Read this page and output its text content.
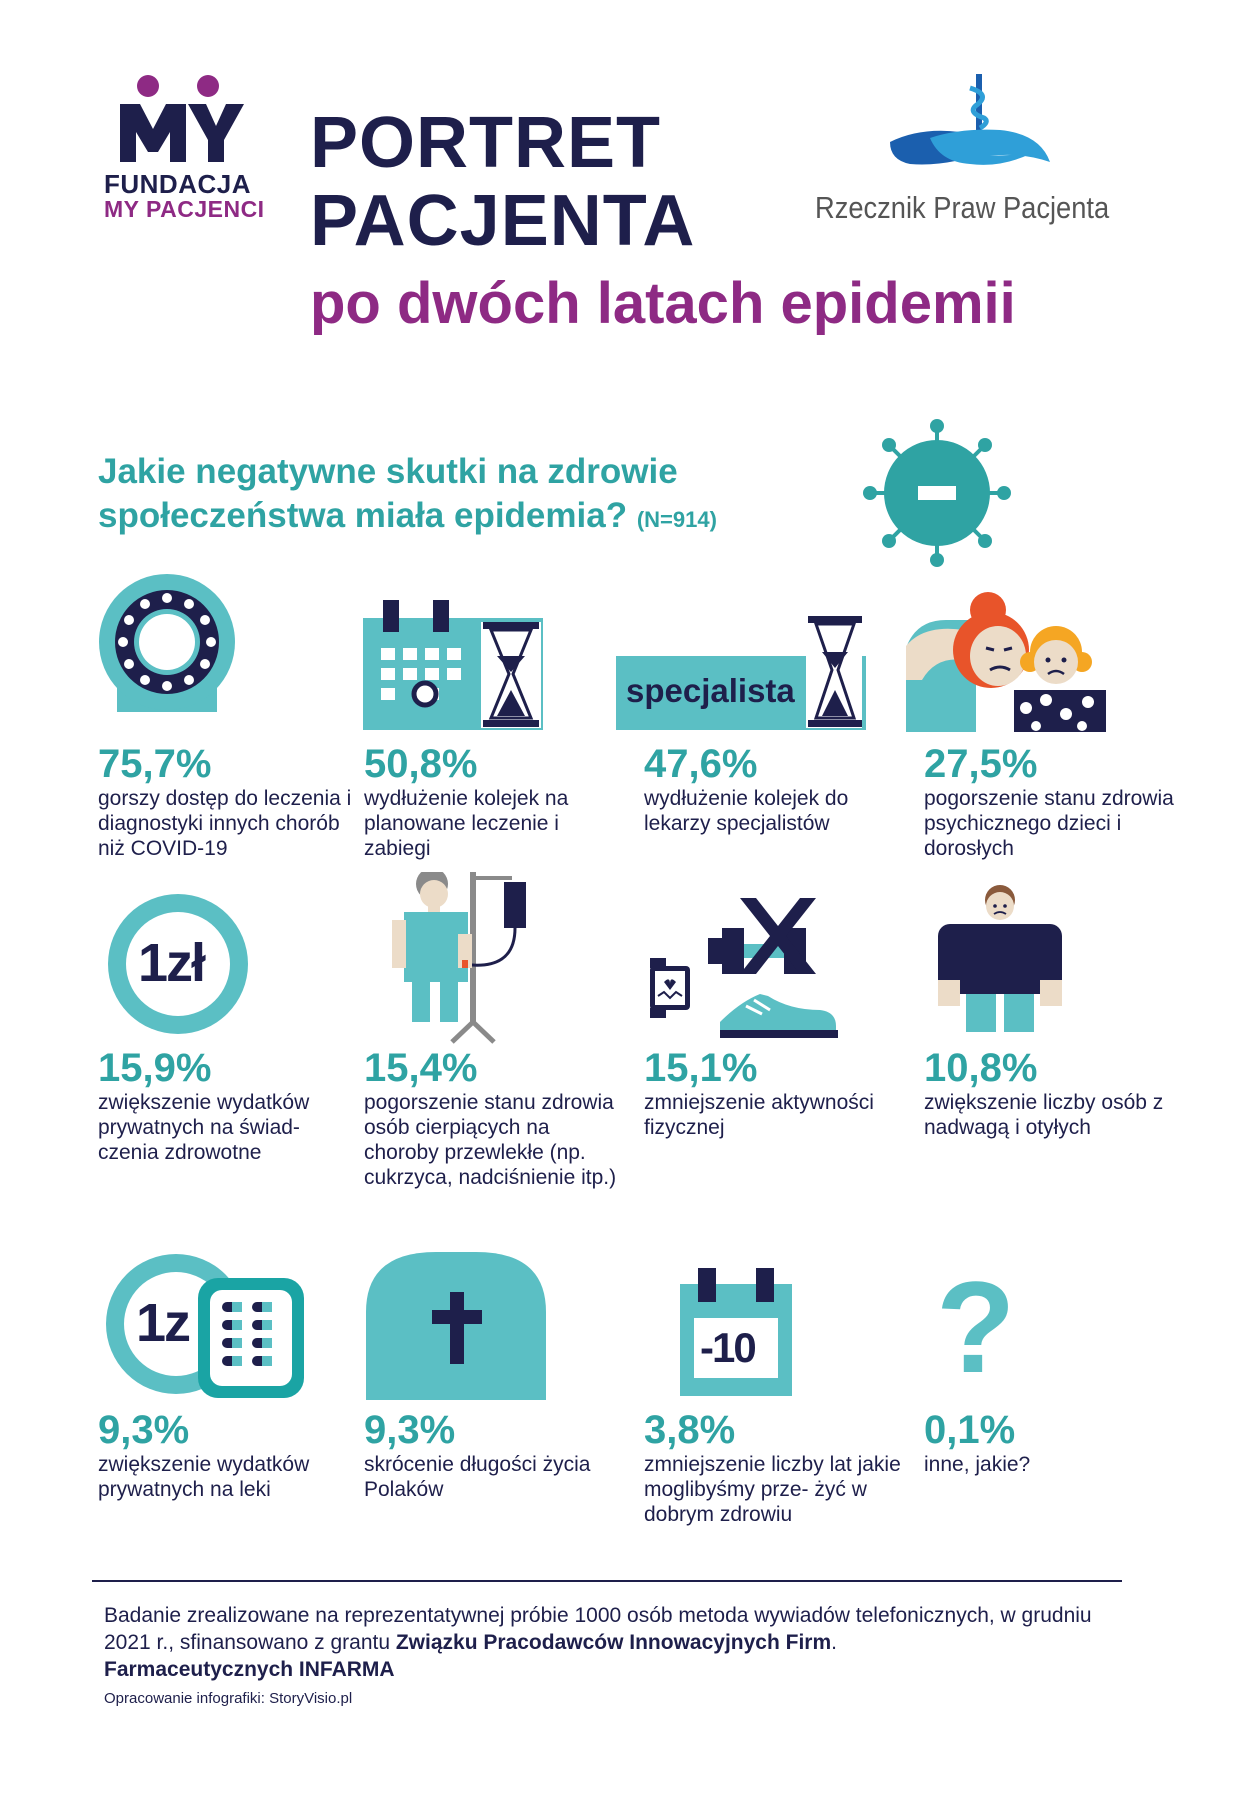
FUNDACJA
MY PACJENCI
PORTRET
PACJENTA
po dwóch latach epidemii
Rzecznik Praw Pacjenta
Jakie negatywne skutki na zdrowie
społeczeństwa miała epidemia? (N=914)
specjalista
75,7%
gorszy dostęp do leczenia i diagnostyki innych chorób niż COVID-19
50,8%
wydłużenie kolejek na planowane leczenie i zabiegi
47,6%
wydłużenie kolejek do lekarzy specjalistów
27,5%
pogorszenie stanu zdrowia psychicznego dzieci i dorosłych
1zł
15,9%
zwiększenie wydatków prywatnych na świad- czenia zdrowotne
15,4%
pogorszenie stanu zdrowia osób cierpiących na choroby przewlekłe (np. cukrzyca, nadciśnienie itp.)
15,1%
zmniejszenie aktywności fizycznej
10,8%
zwiększenie liczby osób z nadwagą i otyłych
1z	-10 ?
9,3%
zwiększenie wydatków prywatnych na leki
9,3%
skrócenie długości życia Polaków
3,8%
zmniejszenie liczby lat jakie moglibyśmy prze- żyć w dobrym zdrowiu
0,1%
inne, jakie?
Badanie zrealizowane na reprezentatywnej próbie 1000 osób metoda wywiadów telefonicznych, w grudniu 2021 r., sfinansowano z grantu Związku Pracodawców Innowacyjnych Firm.
Farmaceutycznych INFARMA
Opracowanie infografiki: StoryVisio.pl
